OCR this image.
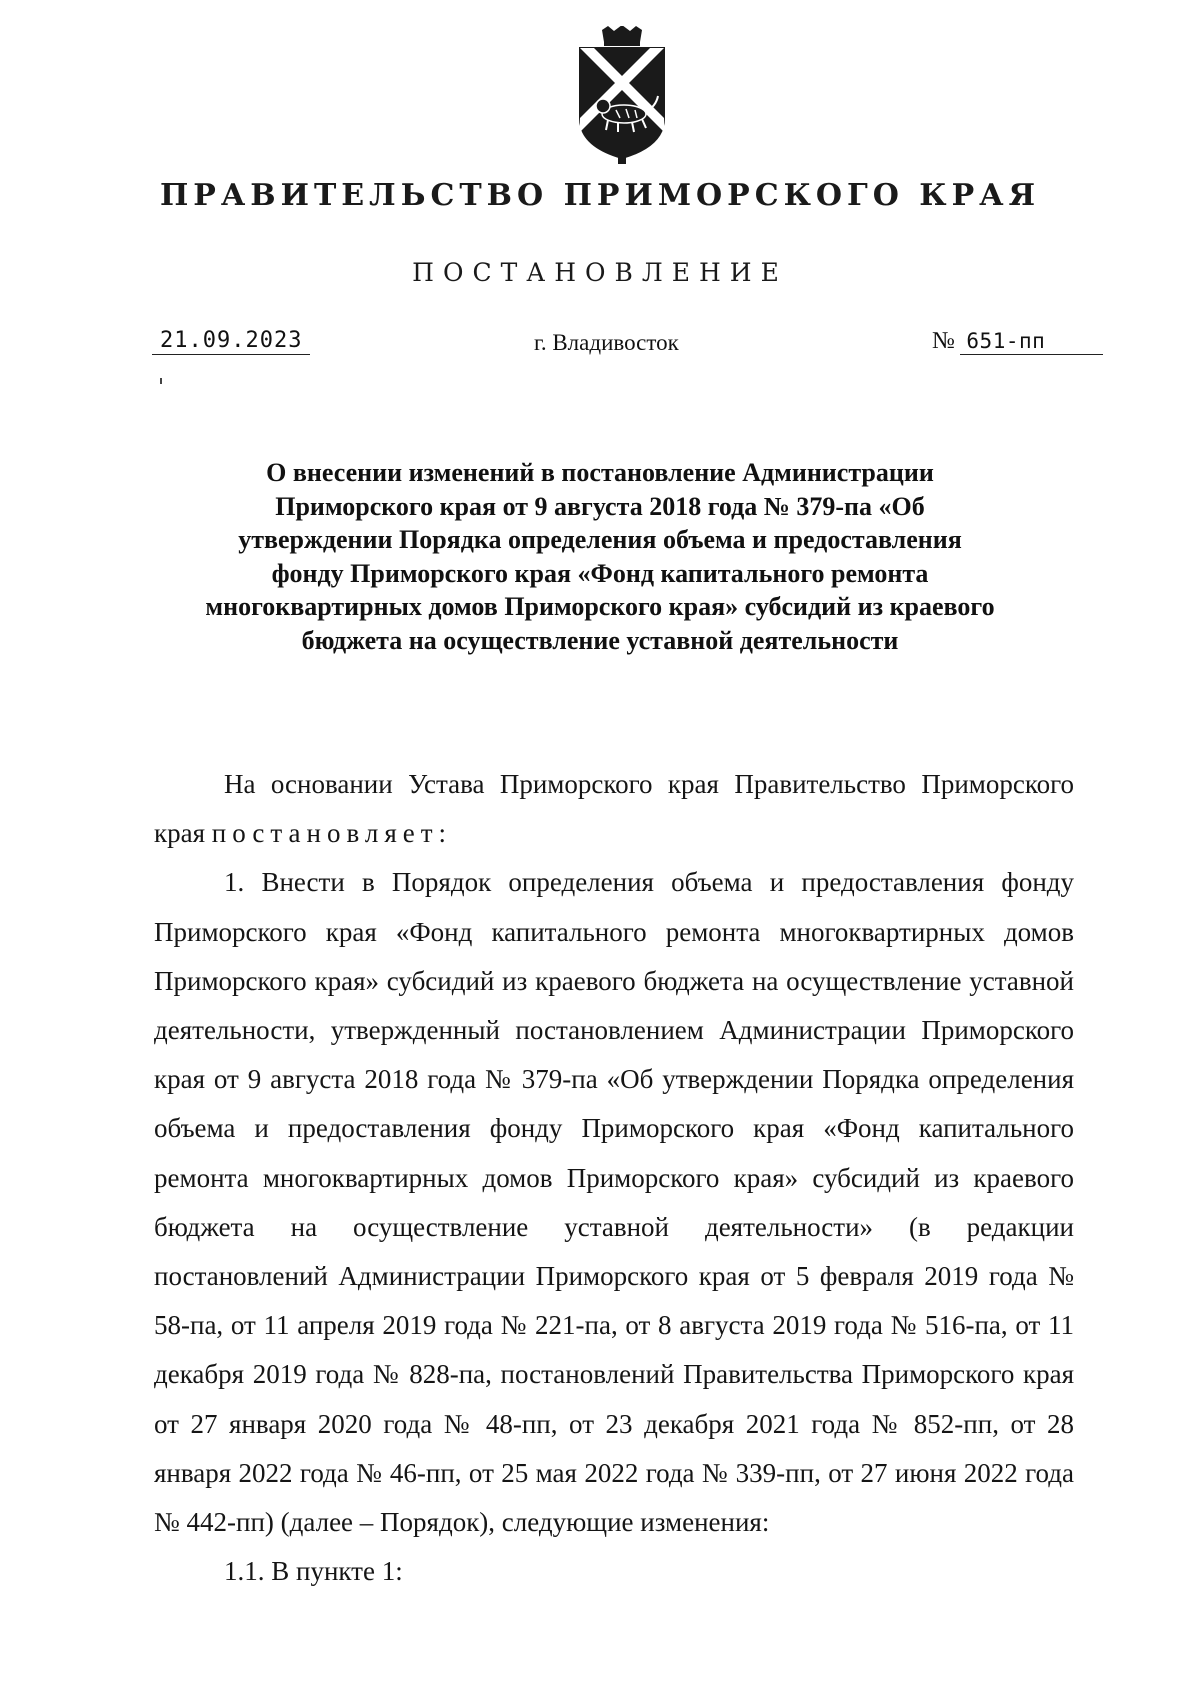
ПРАВИТЕЛЬСТВО ПРИМОРСКОГО КРАЯ
ПОСТАНОВЛЕНИЕ
21.09.2023	г. Владивосток	№ 651-пп
О внесении изменений в постановление Администрации Приморского края от 9 августа 2018 года № 379-па «Об утверждении Порядка определения объема и предоставления фонду Приморского края «Фонд капитального ремонта многоквартирных домов Приморского края» субсидий из краевого бюджета на осуществление уставной деятельности

На основании Устава Приморского края Правительство Приморского края постановляет:

1. Внести в Порядок определения объема и предоставления фонду Приморского края «Фонд капитального ремонта многоквартирных домов Приморского края» субсидий из краевого бюджета на осуществление уставной деятельности, утвержденный постановлением Администрации Приморского края от 9 августа 2018 года № 379-па «Об утверждении Порядка определения объема и предоставления фонду Приморского края «Фонд капитального ремонта многоквартирных домов Приморского края» субсидий из краевого бюджета на осуществление уставной деятельности» (в редакции постановлений Администрации Приморского края от 5 февраля 2019 года № 58-па, от 11 апреля 2019 года № 221-па, от 8 августа 2019 года № 516-па, от 11 декабря 2019 года № 828-па, постановлений Правительства Приморского края от 27 января 2020 года № 48-пп, от 23 декабря 2021 года № 852-пп, от 28 января 2022 года № 46-пп, от 25 мая 2022 года № 339-пп, от 27 июня 2022 года № 442-пп) (далее – Порядок), следующие изменения:

1.1. В пункте 1:
